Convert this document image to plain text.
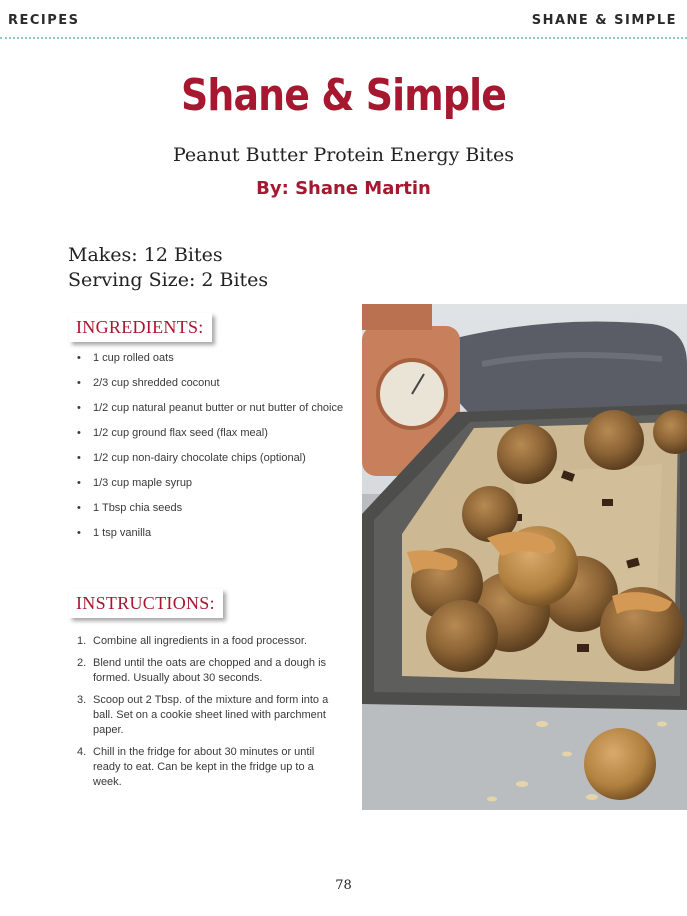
RECIPES	SHANE & SIMPLE
Shane & Simple
Peanut Butter Protein Energy Bites
By: Shane Martin
Makes: 12 Bites
Serving Size: 2 Bites
INGREDIENTS:
• 1 cup rolled oats
• 2/3 cup shredded coconut
• 1/2 cup natural peanut butter or nut butter of choice
• 1/2 cup ground flax seed (flax meal)
• 1/2 cup non-dairy chocolate chips (optional)
• 1/3 cup maple syrup
• 1 Tbsp chia seeds
• 1 tsp vanilla
INSTRUCTIONS:
1. Combine all ingredients in a food processor.
2. Blend until the oats are chopped and a dough is formed. Usually about 30 seconds.
3. Scoop out 2 Tbsp. of the mixture and form into a ball. Set on a cookie sheet lined with parchment paper.
4. Chill in the fridge for about 30 minutes or until ready to eat. Can be kept in the fridge up to a week.
78
